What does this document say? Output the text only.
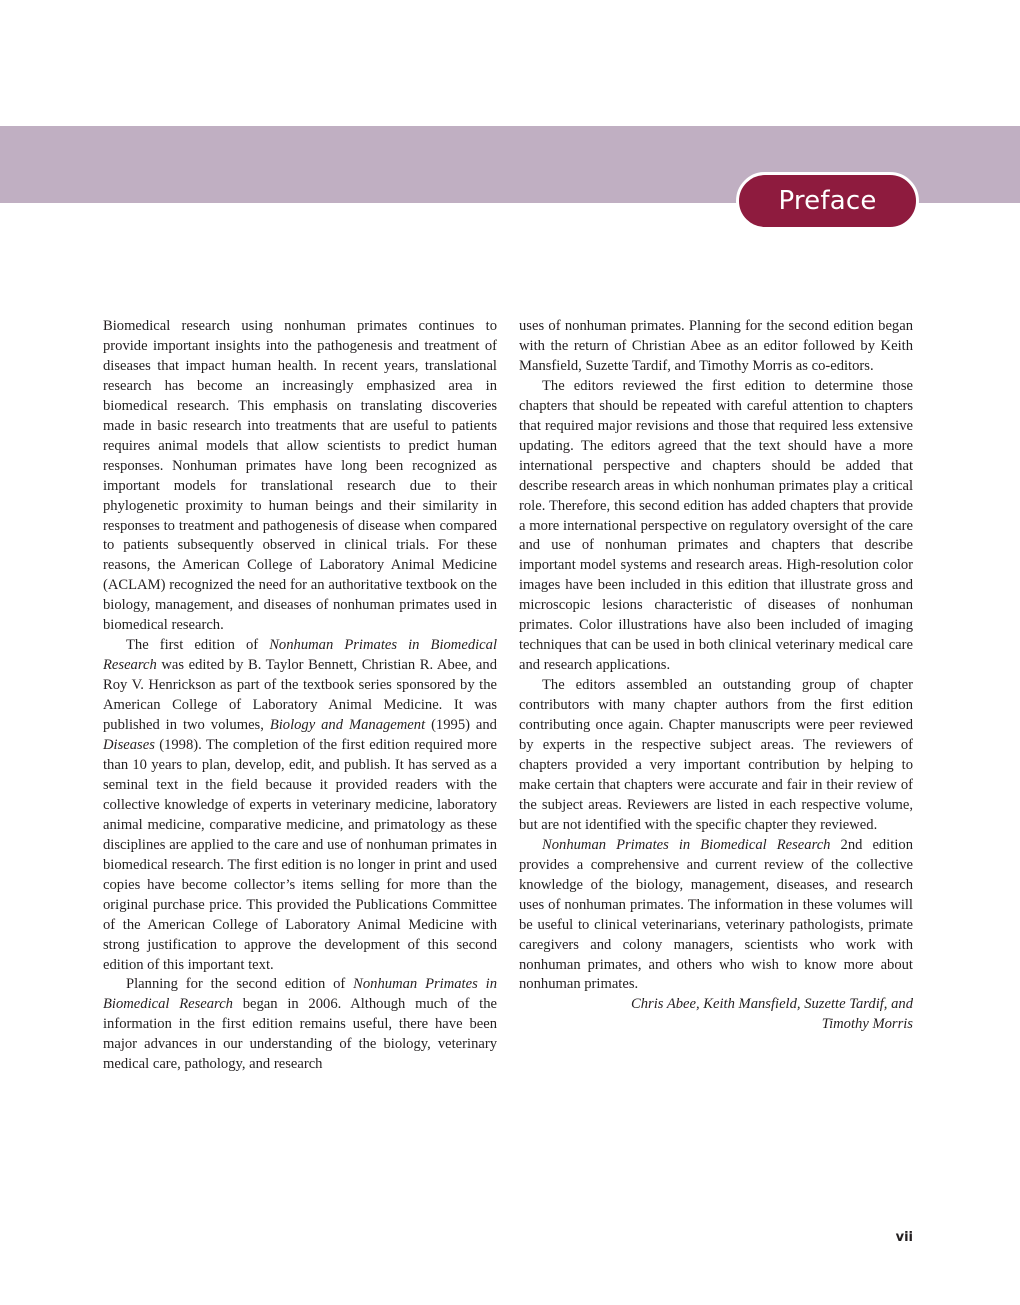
Preface

Biomedical research using nonhuman primates continues to provide important insights into the pathogenesis and treatment of diseases that impact human health. In recent years, translational research has become an increasingly emphasized area in biomedical research. This emphasis on translating discoveries made in basic research into treatments that are useful to patients requires animal models that allow scientists to predict human responses. Nonhuman primates have long been recognized as important models for translational research due to their phylogenetic proximity to human beings and their similarity in responses to treatment and pathogenesis of disease when compared to patients subsequently observed in clinical trials. For these reasons, the American College of Laboratory Animal Medicine (ACLAM) recognized the need for an authoritative textbook on the biology, management, and diseases of nonhuman primates used in biomedical research.

The first edition of Nonhuman Primates in Biomedical Research was edited by B. Taylor Bennett, Christian R. Abee, and Roy V. Henrickson as part of the textbook series sponsored by the American College of Laboratory Animal Medicine. It was published in two volumes, Biology and Management (1995) and Diseases (1998). The completion of the first edition required more than 10 years to plan, develop, edit, and publish. It has served as a seminal text in the field because it provided readers with the collective knowledge of experts in veterinary medicine, laboratory animal medicine, comparative medicine, and primatology as these disciplines are applied to the care and use of nonhuman primates in biomedical research. The first edition is no longer in print and used copies have become collector’s items selling for more than the original purchase price. This provided the Publications Committee of the American College of Laboratory Animal Medicine with strong justification to approve the development of this second edition of this important text.

Planning for the second edition of Nonhuman Primates in Biomedical Research began in 2006. Although much of the information in the first edition remains useful, there have been major advances in our understanding of the biology, veterinary medical care, pathology, and research

uses of nonhuman primates. Planning for the second edition began with the return of Christian Abee as an editor followed by Keith Mansfield, Suzette Tardif, and Timothy Morris as co-editors.

The editors reviewed the first edition to determine those chapters that should be repeated with careful attention to chapters that required major revisions and those that required less extensive updating. The editors agreed that the text should have a more international perspective and chapters should be added that describe research areas in which nonhuman primates play a critical role. Therefore, this second edition has added chapters that provide a more international perspective on regulatory oversight of the care and use of nonhuman primates and chapters that describe important model systems and research areas. High-resolution color images have been included in this edition that illustrate gross and microscopic lesions characteristic of diseases of nonhuman primates. Color illustrations have also been included of imaging techniques that can be used in both clinical veterinary medical care and research applications.

The editors assembled an outstanding group of chapter contributors with many chapter authors from the first edition contributing once again. Chapter manuscripts were peer reviewed by experts in the respective subject areas. The reviewers of chapters provided a very important contribution by helping to make certain that chapters were accurate and fair in their review of the subject areas. Reviewers are listed in each respective volume, but are not identified with the specific chapter they reviewed.

Nonhuman Primates in Biomedical Research 2nd edition provides a comprehensive and current review of the collective knowledge of the biology, management, diseases, and research uses of nonhuman primates. The information in these volumes will be useful to clinical veterinarians, veterinary pathologists, primate caregivers and colony managers, scientists who work with nonhuman primates, and others who wish to know more about nonhuman primates.

Chris Abee, Keith Mansfield, Suzette Tardif, and
Timothy Morris

vii
